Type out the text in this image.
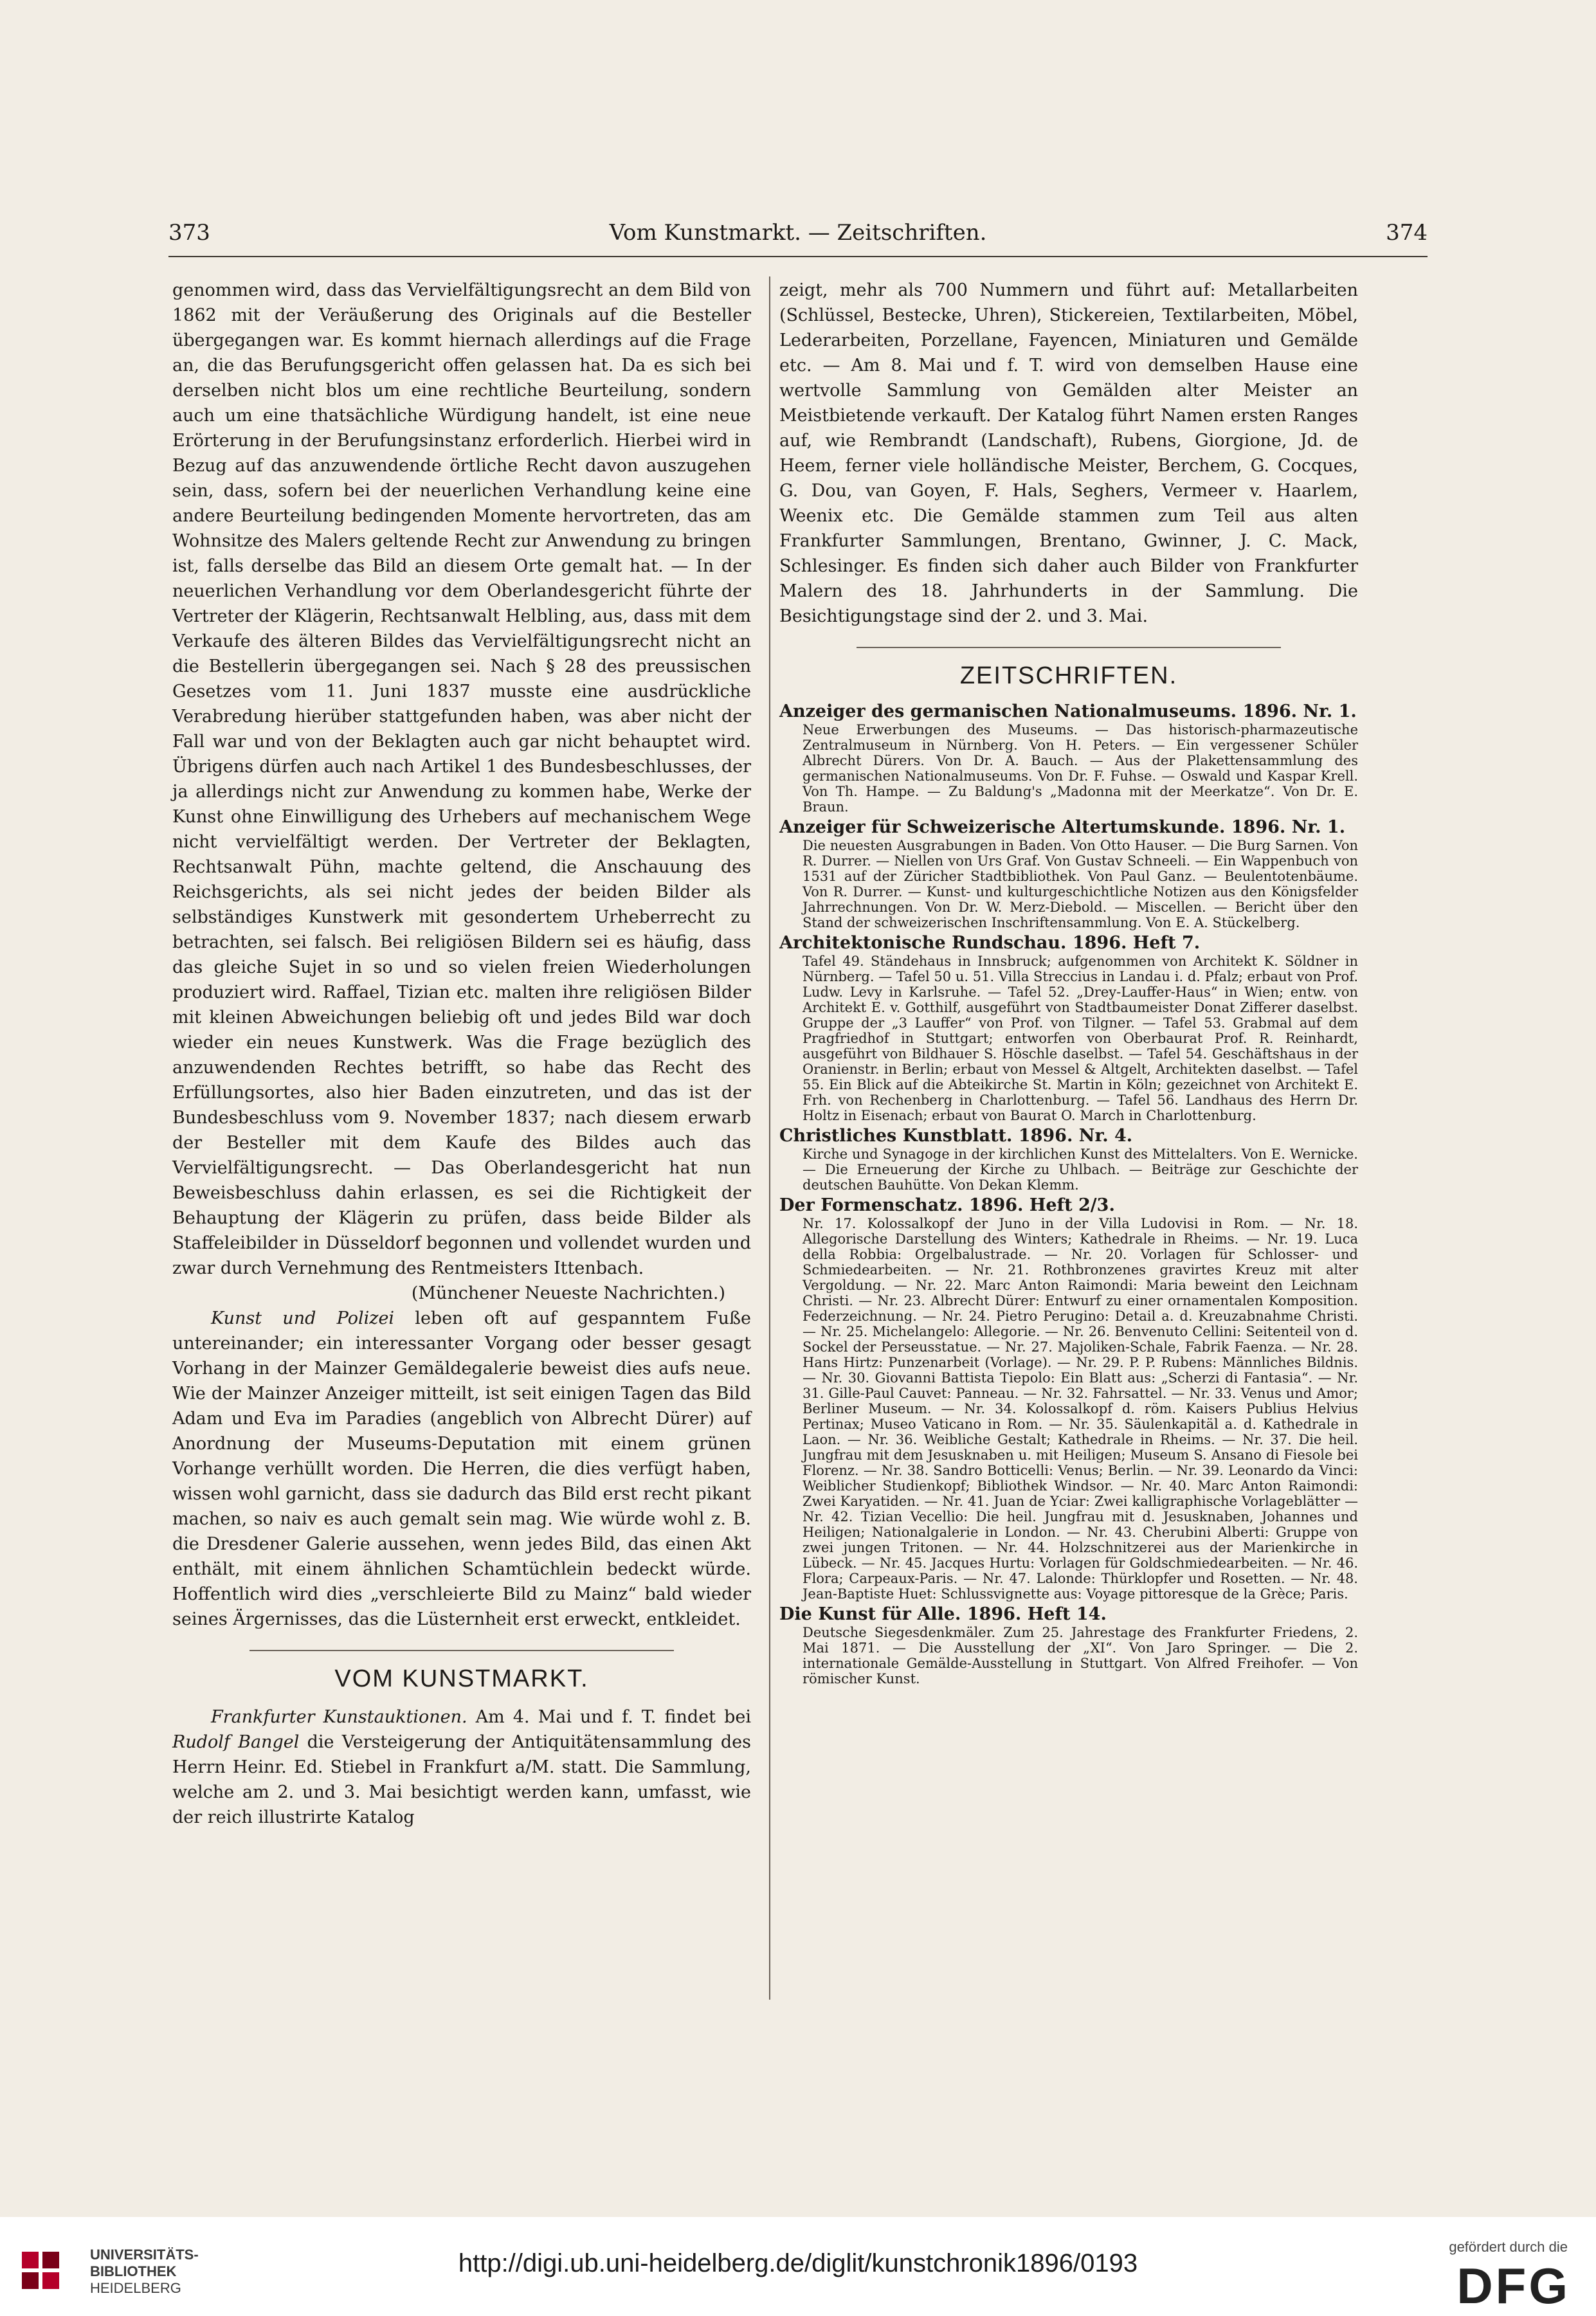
373	Vom Kunstmarkt. — Zeitschriften.	374

genommen wird, dass das Vervielfältigungsrecht an dem Bild von 1862 mit der Veräußerung des Originals auf die Besteller übergegangen war. Es kommt hiernach allerdings auf die Frage an, die das Berufungsgericht offen gelassen hat. Da es sich bei derselben nicht blos um eine rechtliche Beurteilung, sondern auch um eine thatsächliche Würdigung handelt, ist eine neue Erörterung in der Berufungsinstanz erforderlich. Hierbei wird in Bezug auf das anzuwendende örtliche Recht davon auszugehen sein, dass, sofern bei der neuerlichen Verhandlung keine eine andere Beurteilung bedingenden Momente hervortreten, das am Wohnsitze des Malers geltende Recht zur Anwendung zu bringen ist, falls derselbe das Bild an diesem Orte gemalt hat. — In der neuerlichen Verhandlung vor dem Oberlandesgericht führte der Vertreter der Klägerin, Rechtsanwalt Helbling, aus, dass mit dem Verkaufe des älteren Bildes das Vervielfältigungsrecht nicht an die Bestellerin übergegangen sei. Nach § 28 des preussischen Gesetzes vom 11. Juni 1837 musste eine ausdrückliche Verabredung hierüber stattgefunden haben, was aber nicht der Fall war und von der Beklagten auch gar nicht behauptet wird. Übrigens dürfen auch nach Artikel 1 des Bundesbeschlusses, der ja allerdings nicht zur Anwendung zu kommen habe, Werke der Kunst ohne Einwilligung des Urhebers auf mechanischem Wege nicht vervielfältigt werden. Der Vertreter der Beklagten, Rechtsanwalt Pühn, machte geltend, die Anschauung des Reichsgerichts, als sei nicht jedes der beiden Bilder als selbständiges Kunstwerk mit gesondertem Urheberrecht zu betrachten, sei falsch. Bei religiösen Bildern sei es häufig, dass das gleiche Sujet in so und so vielen freien Wiederholungen produziert wird. Raffael, Tizian etc. malten ihre religiösen Bilder mit kleinen Abweichungen beliebig oft und jedes Bild war doch wieder ein neues Kunstwerk. Was die Frage bezüglich des anzuwendenden Rechtes betrifft, so habe das Recht des Erfüllungsortes, also hier Baden einzutreten, und das ist der Bundesbeschluss vom 9. November 1837; nach diesem erwarb der Besteller mit dem Kaufe des Bildes auch das Vervielfältigungsrecht. — Das Oberlandesgericht hat nun Beweisbeschluss dahin erlassen, es sei die Richtigkeit der Behauptung der Klägerin zu prüfen, dass beide Bilder als Staffeleibilder in Düsseldorf begonnen und vollendet wurden und zwar durch Vernehmung des Rentmeisters Ittenbach.

(Münchener Neueste Nachrichten.)

Kunst und Polizei leben oft auf gespanntem Fuße untereinander; ein interessanter Vorgang oder besser gesagt Vorhang in der Mainzer Gemäldegalerie beweist dies aufs neue. Wie der Mainzer Anzeiger mitteilt, ist seit einigen Tagen das Bild Adam und Eva im Paradies (angeblich von Albrecht Dürer) auf Anordnung der Museums-Deputation mit einem grünen Vorhange verhüllt worden. Die Herren, die dies verfügt haben, wissen wohl garnicht, dass sie dadurch das Bild erst recht pikant machen, so naiv es auch gemalt sein mag. Wie würde wohl z. B. die Dresdener Galerie aussehen, wenn jedes Bild, das einen Akt enthält, mit einem ähnlichen Schamtüchlein bedeckt würde. Hoffentlich wird dies „verschleierte Bild zu Mainz“ bald wieder seines Ärgernisses, das die Lüsternheit erst erweckt, entkleidet.

VOM KUNSTMARKT.

Frankfurter Kunstauktionen. Am 4. Mai und f. T. findet bei Rudolf Bangel die Versteigerung der Antiquitätensammlung des Herrn Heinr. Ed. Stiebel in Frankfurt a/M. statt. Die Sammlung, welche am 2. und 3. Mai besichtigt werden kann, umfasst, wie der reich illustrirte Katalog

zeigt, mehr als 700 Nummern und führt auf: Metallarbeiten (Schlüssel, Bestecke, Uhren), Stickereien, Textilarbeiten, Möbel, Lederarbeiten, Porzellane, Fayencen, Miniaturen und Gemälde etc. — Am 8. Mai und f. T. wird von demselben Hause eine wertvolle Sammlung von Gemälden alter Meister an Meistbietende verkauft. Der Katalog führt Namen ersten Ranges auf, wie Rembrandt (Landschaft), Rubens, Giorgione, Jd. de Heem, ferner viele holländische Meister, Berchem, G. Cocques, G. Dou, van Goyen, F. Hals, Seghers, Vermeer v. Haarlem, Weenix etc. Die Gemälde stammen zum Teil aus alten Frankfurter Sammlungen, Brentano, Gwinner, J. C. Mack, Schlesinger. Es finden sich daher auch Bilder von Frankfurter Malern des 18. Jahrhunderts in der Sammlung. Die Besichtigungstage sind der 2. und 3. Mai.

ZEITSCHRIFTEN.

Anzeiger des germanischen Nationalmuseums. 1896. Nr. 1.

Neue Erwerbungen des Museums. — Das historisch-pharmazeutische Zentralmuseum in Nürnberg. Von H. Peters. — Ein vergessener Schüler Albrecht Dürers. Von Dr. A. Bauch. — Aus der Plakettensammlung des germanischen Nationalmuseums. Von Dr. F. Fuhse. — Oswald und Kaspar Krell. Von Th. Hampe. — Zu Baldung's „Madonna mit der Meerkatze“. Von Dr. E. Braun.

Anzeiger für Schweizerische Altertumskunde. 1896. Nr. 1.

Die neuesten Ausgrabungen in Baden. Von Otto Hauser. — Die Burg Sarnen. Von R. Durrer. — Niellen von Urs Graf. Von Gustav Schneeli. — Ein Wappenbuch von 1531 auf der Züricher Stadtbibliothek. Von Paul Ganz. — Beulentotenbäume. Von R. Durrer. — Kunst- und kulturgeschichtliche Notizen aus den Königsfelder Jahrrechnungen. Von Dr. W. Merz-Diebold. — Miscellen. — Bericht über den Stand der schweizerischen Inschriftensammlung. Von E. A. Stückelberg.

Architektonische Rundschau. 1896. Heft 7.

Tafel 49. Ständehaus in Innsbruck; aufgenommen von Architekt K. Söldner in Nürnberg. — Tafel 50 u. 51. Villa Streccius in Landau i. d. Pfalz; erbaut von Prof. Ludw. Levy in Karlsruhe. — Tafel 52. „Drey-Lauffer-Haus“ in Wien; entw. von Architekt E. v. Gotthilf, ausgeführt von Stadtbaumeister Donat Zifferer daselbst. Gruppe der „3 Lauffer“ von Prof. von Tilgner. — Tafel 53. Grabmal auf dem Pragfriedhof in Stuttgart; entworfen von Oberbaurat Prof. R. Reinhardt, ausgeführt von Bildhauer S. Höschle daselbst. — Tafel 54. Geschäftshaus in der Oranienstr. in Berlin; erbaut von Messel & Altgelt, Architekten daselbst. — Tafel 55. Ein Blick auf die Abteikirche St. Martin in Köln; gezeichnet von Architekt E. Frh. von Rechenberg in Charlottenburg. — Tafel 56. Landhaus des Herrn Dr. Holtz in Eisenach; erbaut von Baurat O. March in Charlottenburg.

Christliches Kunstblatt. 1896. Nr. 4.

Kirche und Synagoge in der kirchlichen Kunst des Mittelalters. Von E. Wernicke. — Die Erneuerung der Kirche zu Uhlbach. — Beiträge zur Geschichte der deutschen Bauhütte. Von Dekan Klemm.

Der Formenschatz. 1896. Heft 2/3.

Nr. 17. Kolossalkopf der Juno in der Villa Ludovisi in Rom. — Nr. 18. Allegorische Darstellung des Winters; Kathedrale in Rheims. — Nr. 19. Luca della Robbia: Orgelbalustrade. — Nr. 20. Vorlagen für Schlosser- und Schmiedearbeiten. — Nr. 21. Rothbronzenes gravirtes Kreuz mit alter Vergoldung. — Nr. 22. Marc Anton Raimondi: Maria beweint den Leichnam Christi. — Nr. 23. Albrecht Dürer: Entwurf zu einer ornamentalen Komposition. Federzeichnung. — Nr. 24. Pietro Perugino: Detail a. d. Kreuzabnahme Christi. — Nr. 25. Michelangelo: Allegorie. — Nr. 26. Benvenuto Cellini: Seitenteil von d. Sockel der Perseusstatue. — Nr. 27. Majoliken-Schale, Fabrik Faenza. — Nr. 28. Hans Hirtz: Punzenarbeit (Vorlage). — Nr. 29. P. P. Rubens: Männliches Bildnis. — Nr. 30. Giovanni Battista Tiepolo: Ein Blatt aus: „Scherzi di Fantasia“. — Nr. 31. Gille-Paul Cauvet: Panneau. — Nr. 32. Fahrsattel. — Nr. 33. Venus und Amor; Berliner Museum. — Nr. 34. Kolossalkopf d. röm. Kaisers Publius Helvius Pertinax; Museo Vaticano in Rom. — Nr. 35. Säulenkapitäl a. d. Kathedrale in Laon. — Nr. 36. Weibliche Gestalt; Kathedrale in Rheims. — Nr. 37. Die heil. Jungfrau mit dem Jesusknaben u. mit Heiligen; Museum S. Ansano di Fiesole bei Florenz. — Nr. 38. Sandro Botticelli: Venus; Berlin. — Nr. 39. Leonardo da Vinci: Weiblicher Studienkopf; Bibliothek Windsor. — Nr. 40. Marc Anton Raimondi: Zwei Karyatiden. — Nr. 41. Juan de Yciar: Zwei kalligraphische Vorlageblätter — Nr. 42. Tizian Vecellio: Die heil. Jungfrau mit d. Jesusknaben, Johannes und Heiligen; Nationalgalerie in London. — Nr. 43. Cherubini Alberti: Gruppe von zwei jungen Tritonen. — Nr. 44. Holzschnitzerei aus der Marienkirche in Lübeck. — Nr. 45. Jacques Hurtu: Vorlagen für Goldschmiedearbeiten. — Nr. 46. Flora; Carpeaux-Paris. — Nr. 47. Lalonde: Thürklopfer und Rosetten. — Nr. 48. Jean-Baptiste Huet: Schlussvignette aus: Voyage pittoresque de la Grèce; Paris.

Die Kunst für Alle. 1896. Heft 14.

Deutsche Siegesdenkmäler. Zum 25. Jahrestage des Frankfurter Friedens, 2. Mai 1871. — Die Ausstellung der „XI“. Von Jaro Springer. — Die 2. internationale Gemälde-Ausstellung in Stuttgart. Von Alfred Freihofer. — Von römischer Kunst.

UNIVERSITÄTS-
BIBLIOTHEK
HEIDELBERG
http://digi.ub.uni-heidelberg.de/diglit/kunstchronik1896/0193
gefördert durch die
DFG
